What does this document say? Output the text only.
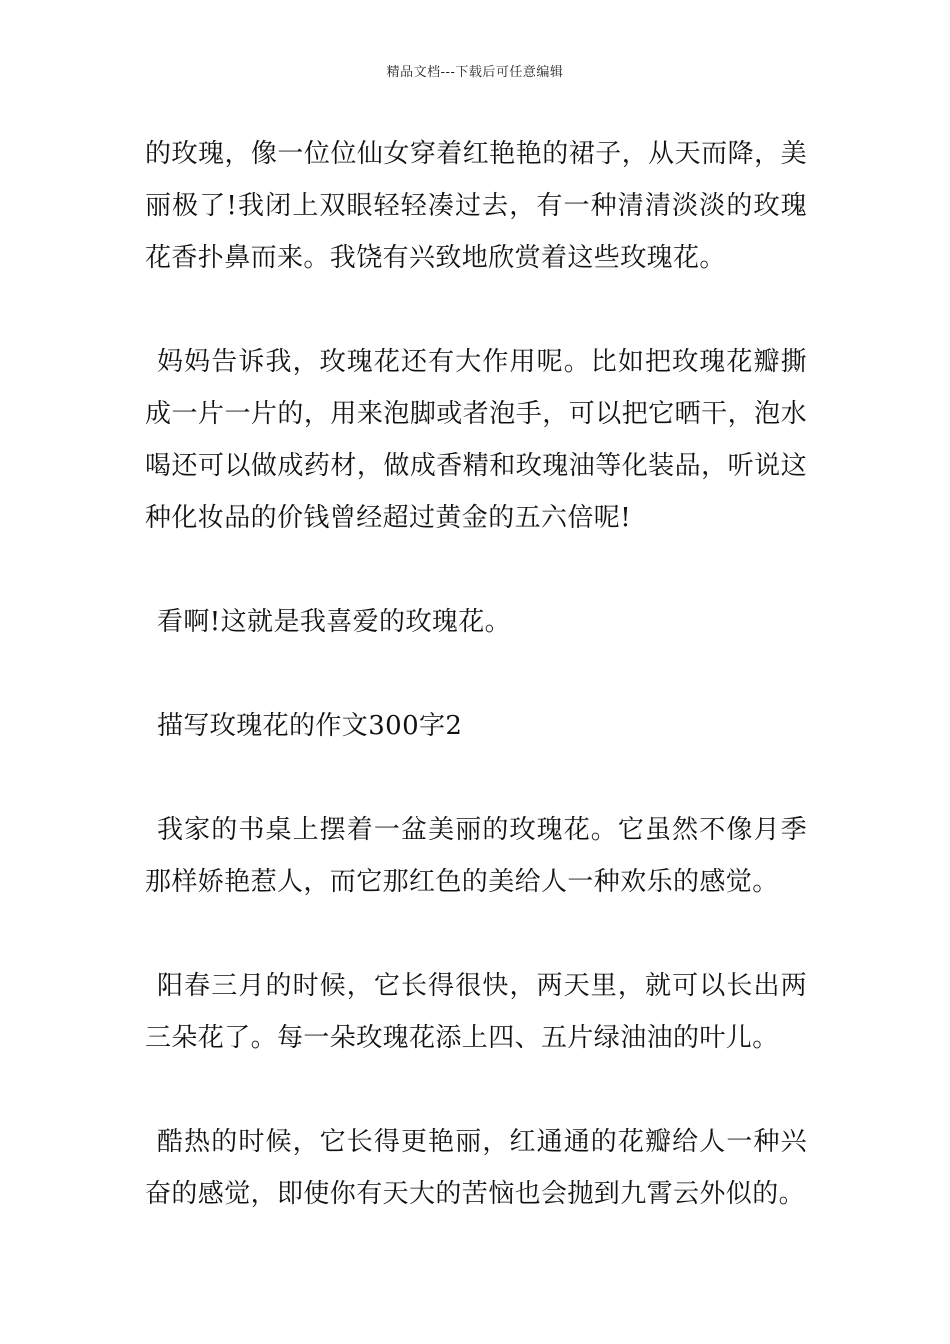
精品文档---下载后可任意编辑

的玫瑰，像一位位仙女穿着红艳艳的裙子，从天而降，美丽极了!我闭上双眼轻轻凑过去，有一种清清淡淡的玫瑰花香扑鼻而来。我饶有兴致地欣赏着这些玫瑰花。

妈妈告诉我，玫瑰花还有大作用呢。比如把玫瑰花瓣撕成一片一片的，用来泡脚或者泡手，可以把它晒干，泡水喝还可以做成药材，做成香精和玫瑰油等化装品，听说这种化妆品的价钱曾经超过黄金的五六倍呢!

看啊!这就是我喜爱的玫瑰花。

描写玫瑰花的作文300字2

我家的书桌上摆着一盆美丽的玫瑰花。它虽然不像月季那样娇艳惹人，而它那红色的美给人一种欢乐的感觉。

阳春三月的时候，它长得很快，两天里，就可以长出两三朵花了。每一朵玫瑰花添上四、五片绿油油的叶儿。

酷热的时候，它长得更艳丽，红通通的花瓣给人一种兴奋的感觉，即使你有天大的苦恼也会抛到九霄云外似的。
